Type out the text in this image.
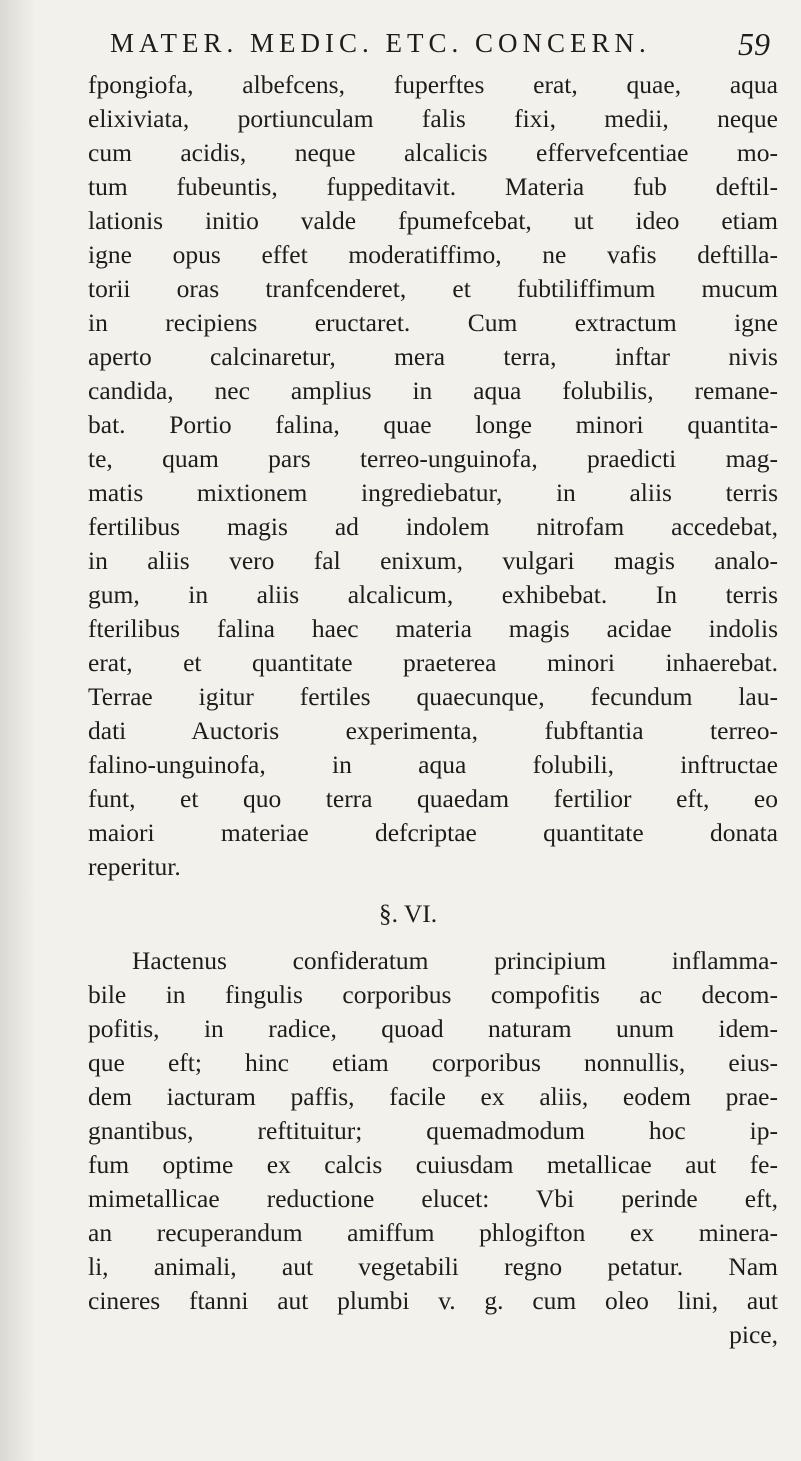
MATER. MEDIC. ETC. CONCERN.	59
fpongiofa, albefcens, fuperftes erat, quae, aqua
elixiviata, portiunculam falis fixi, medii, neque
cum acidis, neque alcalicis effervefcentiae mo-
tum fubeuntis, fuppeditavit. Materia fub deftil-
lationis initio valde fpumefcebat, ut ideo etiam
igne opus effet moderatiffimo, ne vafis deftilla-
torii oras tranfcenderet, et fubtiliffimum mucum
in recipiens eructaret. Cum extractum igne
aperto calcinaretur, mera terra, inftar nivis
candida, nec amplius in aqua folubilis, remane-
bat. Portio falina, quae longe minori quantita-
te, quam pars terreo-unguinofa, praedicti mag-
matis mixtionem ingrediebatur, in aliis terris
fertilibus magis ad indolem nitrofam accedebat,
in aliis vero fal enixum, vulgari magis analo-
gum, in aliis alcalicum, exhibebat. In terris
fterilibus falina haec materia magis acidae indolis
erat, et quantitate praeterea minori inhaerebat.
Terrae igitur fertiles quaecunque, fecundum lau-
dati Auctoris experimenta, fubftantia terreo-
falino-unguinofa, in aqua folubili, inftructae
funt, et quo terra quaedam fertilior eft, eo
maiori materiae defcriptae quantitate donata
reperitur.
§. VI.
Hactenus confideratum principium inflamma-
bile in fingulis corporibus compofitis ac decom-
pofitis, in radice, quoad naturam unum idem-
que eft; hinc etiam corporibus nonnullis, eius-
dem iacturam paffis, facile ex aliis, eodem prae-
gnantibus, reftituitur; quemadmodum hoc ip-
fum optime ex calcis cuiusdam metallicae aut fe-
mimetallicae reductione elucet: Vbi perinde eft,
an recuperandum amiffum phlogifton ex minera-
li, animali, aut vegetabili regno petatur. Nam
cineres ftanni aut plumbi v. g. cum oleo lini, aut
pice,
